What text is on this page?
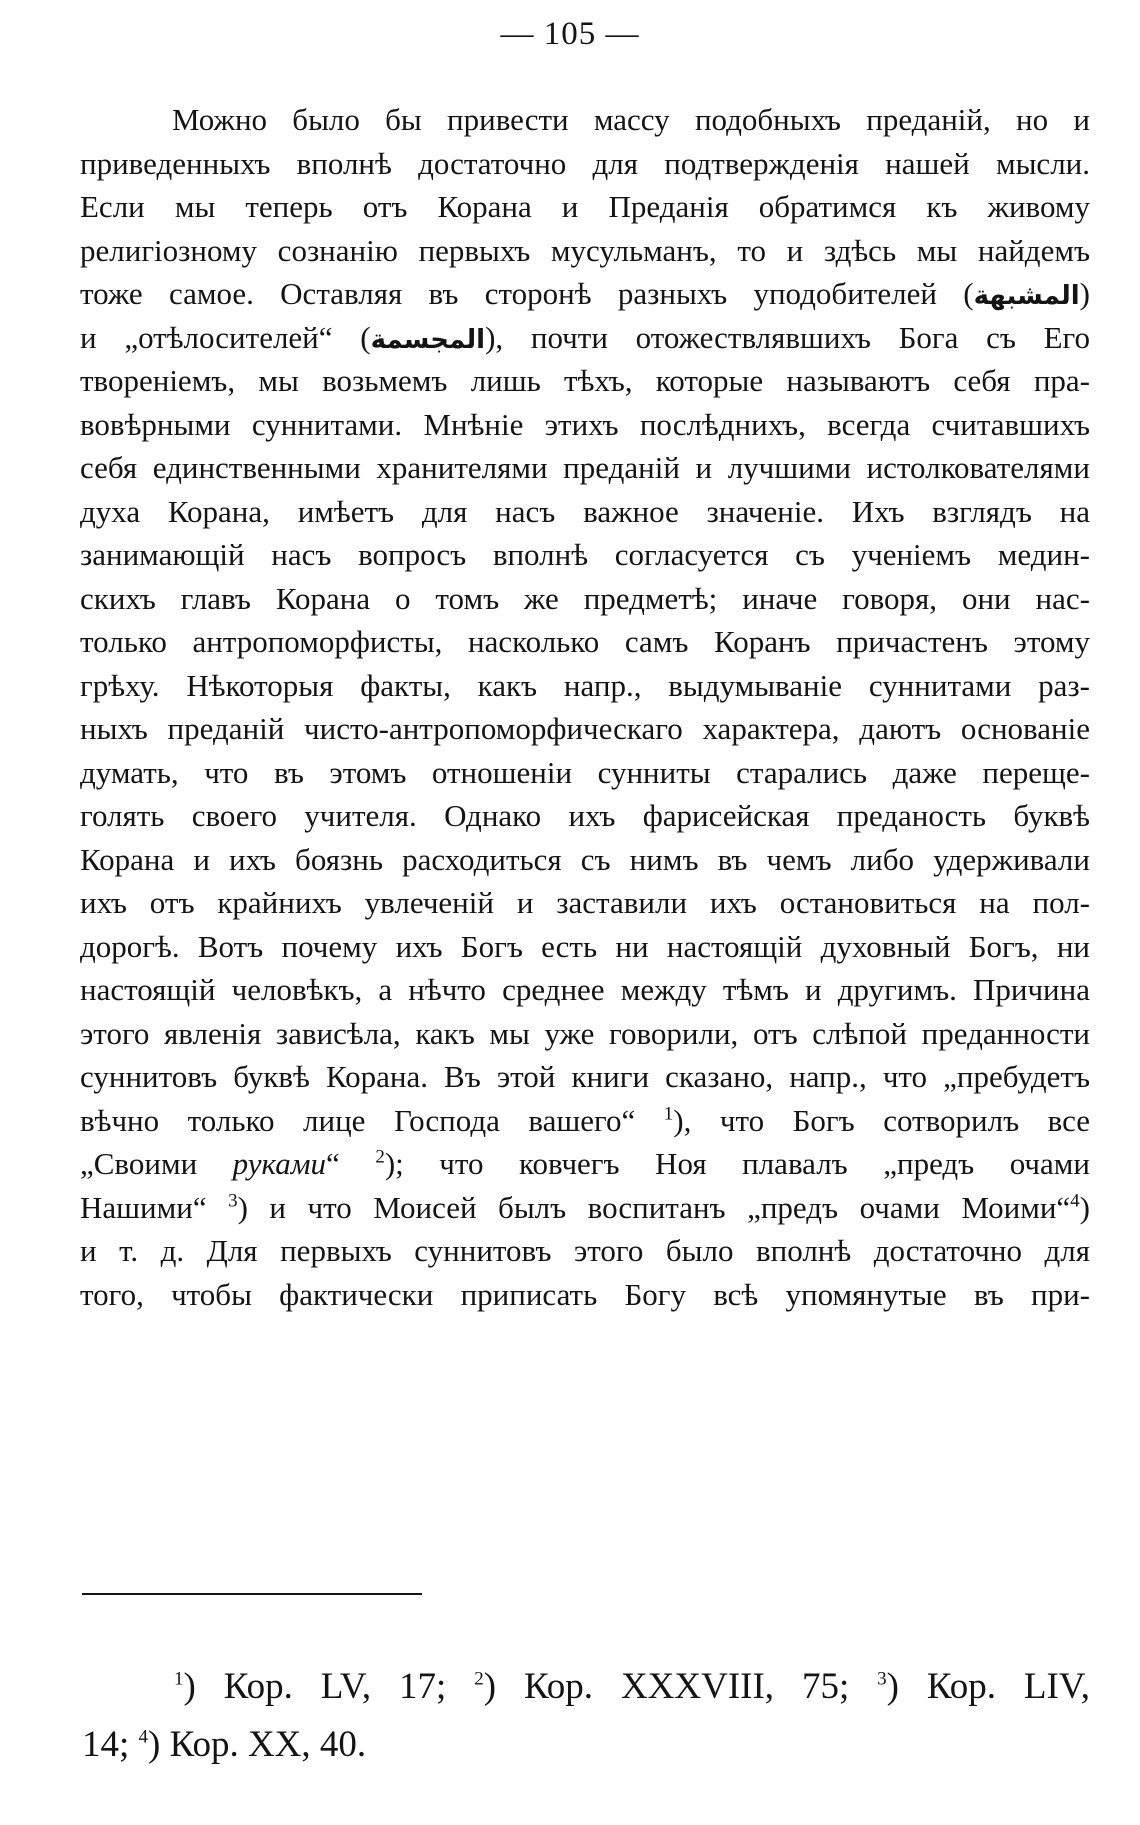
— 105 —
Можно было бы привести массу подобныхъ преданій, но и
приведенныхъ вполнѣ достаточно для подтвержденія нашей мысли.
Если мы теперь отъ Корана и Преданія обратимся къ живому
религіозному сознанію первыхъ мусульманъ, то и здѣсь мы найдемъ
тоже самое. Оставляя въ сторонѣ разныхъ уподобителей (المشبهة)
и „отѣлосителей“ (المجسمة), почти отожествлявшихъ Бога съ Его
твореніемъ, мы возьмемъ лишь тѣхъ, которые называютъ себя пра-
вовѣрными суннитами. Мнѣніе этихъ послѣднихъ, всегда считавшихъ
себя единственными хранителями преданій и лучшими истолкователями
духа Корана, имѣетъ для насъ важное значеніе. Ихъ взглядъ на
занимающій насъ вопросъ вполнѣ согласуется съ ученіемъ медин-
скихъ главъ Корана о томъ же предметѣ; иначе говоря, они нас-
только антропоморфисты, насколько самъ Коранъ причастенъ этому
грѣху. Нѣкоторыя факты, какъ напр., выдумываніе суннитами раз-
ныхъ преданій чисто-антропоморфическаго характера, даютъ основаніе
думать, что въ этомъ отношеніи сунниты старались даже перещe-
голять своего учителя. Однако ихъ фарисейская преданость буквѣ
Корана и ихъ боязнь расходиться съ нимъ въ чемъ либо удерживали
ихъ отъ крайнихъ увлеченій и заставили ихъ остановиться на пол-
дорогѣ. Вотъ почему ихъ Богъ есть ни настоящій духовный Богъ, ни
настоящій человѣкъ, а нѣчто среднее между тѣмъ и другимъ. Причина
этого явленія зависѣла, какъ мы уже говорили, отъ слѣпой преданности
суннитовъ буквѣ Корана. Въ этой книги сказано, напр., что „пребудетъ
вѣчно только лице Господа вашего“ $^1$), что Богъ сотворилъ все
„Своими рукамu“ $^2$); что ковчегъ Ноя плавалъ „предъ очами
Нашими“ $^3$) и что Моисей былъ воспитанъ „предъ очами Моими“$^4$)
и т. д. Для первыхъ суннитовъ этого было вполнѣ достаточно для
того, чтобы фактически приписать Богу всѣ упомянутые въ при-
$^1$) Кор. LV, 17; $^2$) Кор. XXXVIII, 75; $^3$) Кор. LIV,
14; $^4$) Кор. XX, 40.
